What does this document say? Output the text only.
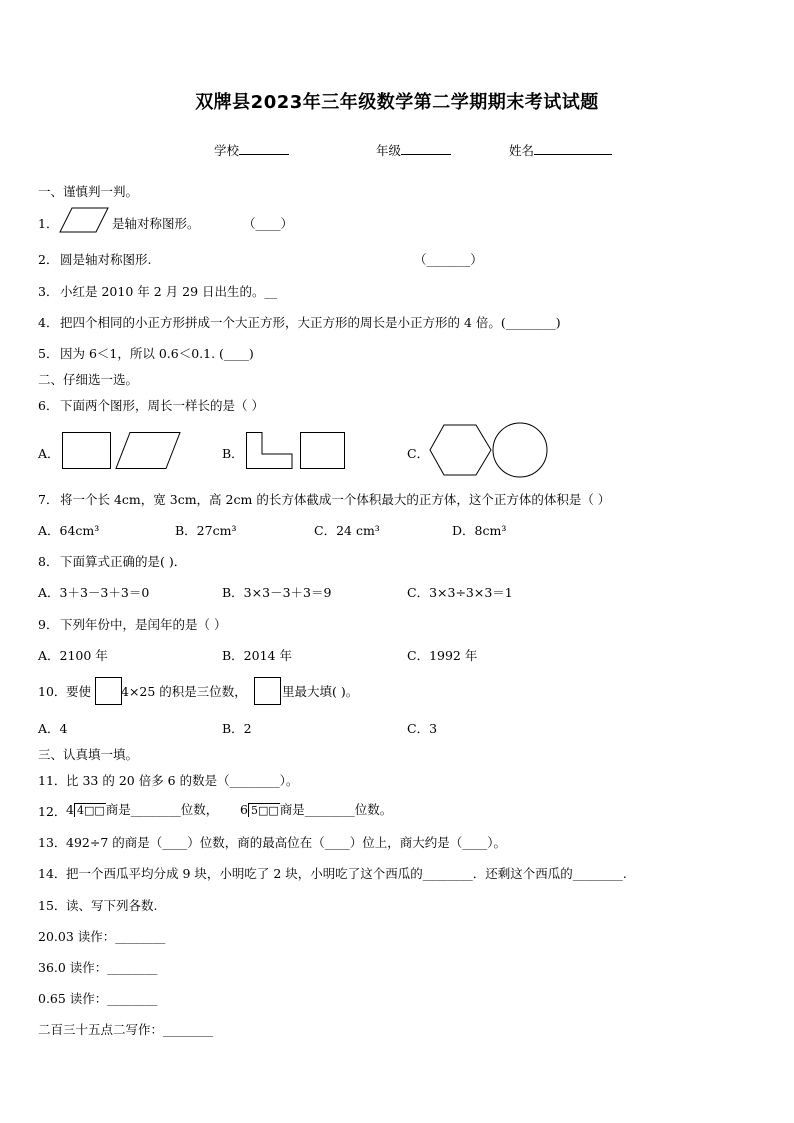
双牌县2023年三年级数学第二学期期末考试试题
学校	年级	姓名
一、谨慎判一判。
1．	是轴对称图形。	（____）
2． 圆是轴对称图形.	（_______）
3． 小红是 2010 年 2 月 29 日出生的。__
4． 把四个相同的小正方形拼成一个大正方形，大正方形的周长是小正方形的 4 倍。(________)
5． 因为 6＜1，所以 0.6＜0.1. (____)
二、仔细选一选。
6． 下面两个图形，周长一样长的是（ ）
A．	B．	C．
7． 将一个长 4cm，宽 3cm，高 2cm 的长方体截成一个体积最大的正方体，这个正方体的体积是（ ）
A．64cm³	B．27cm³	C．24 cm³	D．8cm³
8． 下面算式正确的是( )．
A．3＋3－3＋3＝0	B．3×3－3＋3＝9	C．3×3÷3×3＝1
9． 下列年份中，是闰年的是（ ）
A．2100 年	B．2014 年	C．1992 年
10． 要使 4×25 的积是三位数，	里最大填( )。
A．4	B．2	C．3
三、认真填一填。
11． 比 33 的 20 倍多 6 的数是（________）。
12． 4 4□□商是________位数， 6 5□□商是________位数。
13． 492÷7 的商是（____）位数，商的最高位在（____）位上，商大约是（____）。
14． 把一个西瓜平均分成 9 块，小明吃了 2 块，小明吃了这个西瓜的________．还剩这个西瓜的________.
15． 读、写下列各数.
20.03 读作：________
36.0 读作：________
0.65 读作：________
二百三十五点二写作：________
